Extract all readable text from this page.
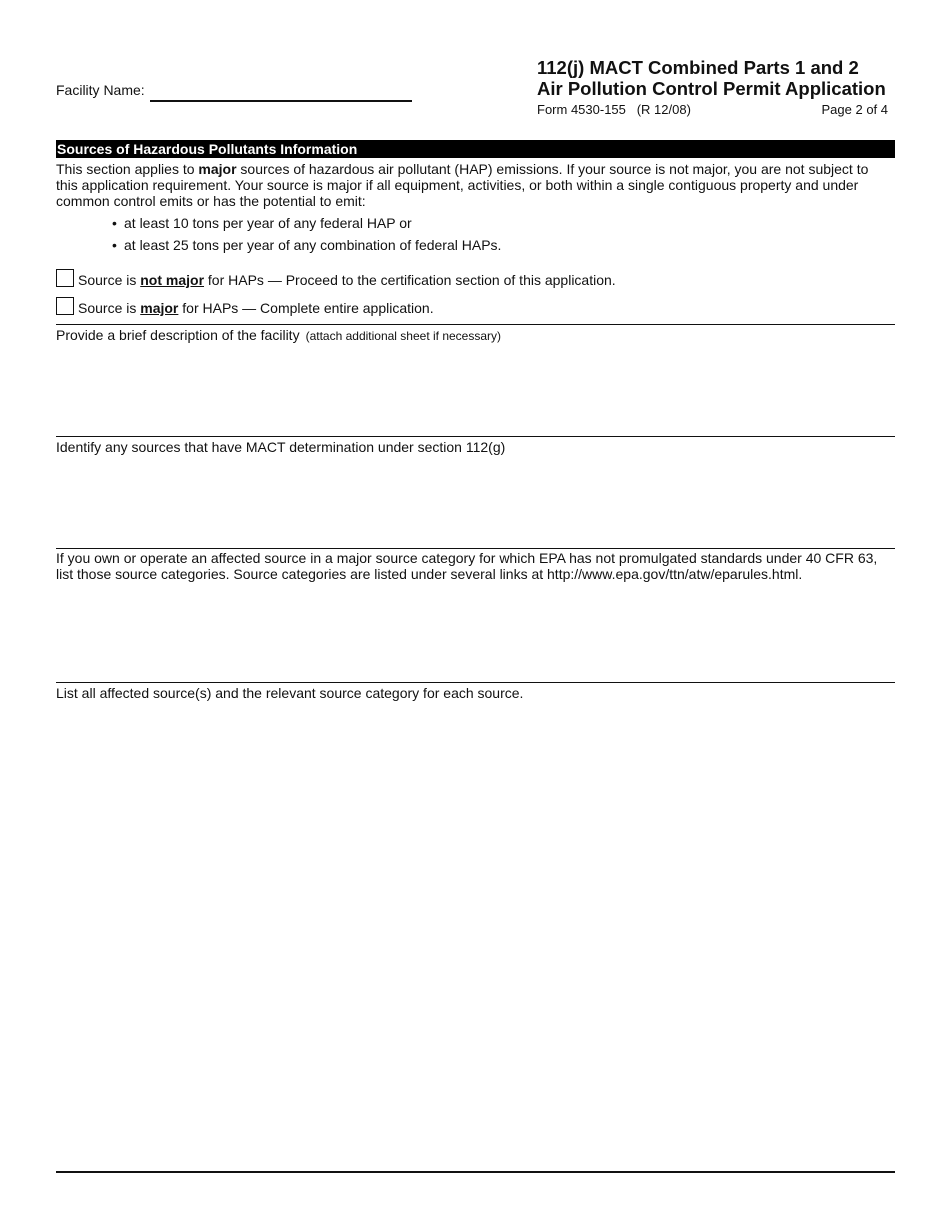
Facility Name:
112(j) MACT Combined Parts 1 and 2
Air Pollution Control Permit Application
Form 4530-155   (R 12/08)	Page 2 of 4
Sources of Hazardous Pollutants Information
This section applies to major sources of hazardous air pollutant (HAP) emissions. If your source is not major, you are not subject to
this application requirement. Your source is major if all equipment, activities, or both within a single contiguous property and under
common control emits or has the potential to emit:
• at least 10 tons per year of any federal HAP or
• at least 25 tons per year of any combination of federal HAPs.
Source is not major for HAPs — Proceed to the certification section of this application.
Source is major for HAPs — Complete entire application.
Provide a brief description of the facility (attach additional sheet if necessary)
Identify any sources that have MACT determination under section 112(g)
If you own or operate an affected source in a major source category for which EPA has not promulgated standards under 40 CFR 63,
list those source categories. Source categories are listed under several links at http://www.epa.gov/ttn/atw/eparules.html.
List all affected source(s) and the relevant source category for each source.
